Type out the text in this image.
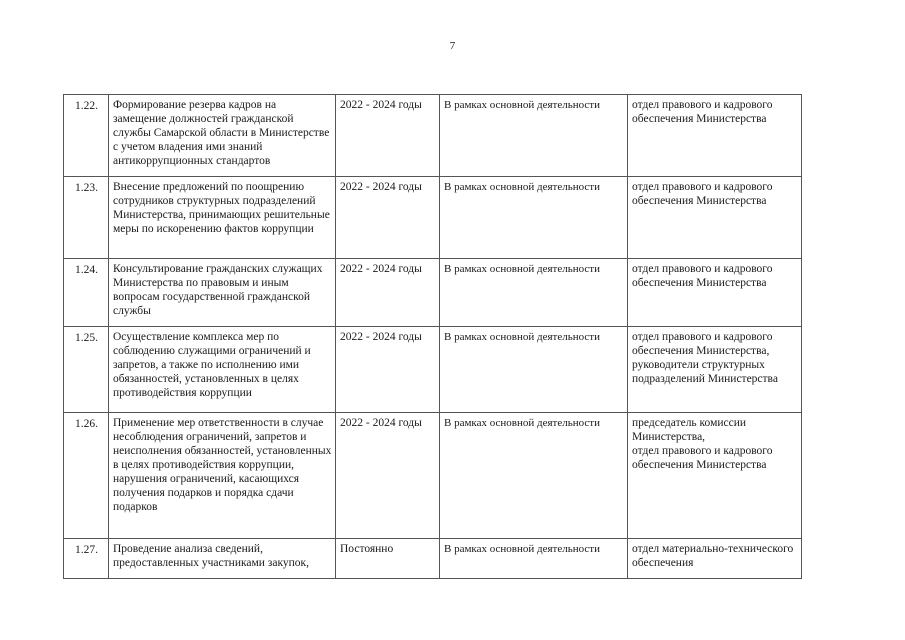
7
1.22.	Формирование резерва кадров на замещение должностей гражданской службы Самарской области в Министерстве с учетом владения ими знаний антикоррупционных стандартов	2022 - 2024 годы	В рамках основной деятельности	отдел правового и кадрового обеспечения Министерства

1.23.	Внесение предложений по поощрению сотрудников структурных подразделений Министерства, принимающих решительные меры по искоренению фактов коррупции	2022 - 2024 годы	В рамках основной деятельности	отдел правового и кадрового обеспечения Министерства

1.24.	Консультирование гражданских служащих Министерства по правовым и иным вопросам государственной гражданской службы	2022 - 2024 годы	В рамках основной деятельности	отдел правового и кадрового обеспечения Министерства

1.25.	Осуществление комплекса мер по соблюдению служащими ограничений и запретов, а также по исполнению ими обязанностей, установленных в целях противодействия коррупции	2022 - 2024 годы	В рамках основной деятельности	отдел правового и кадрового обеспечения Министерства, руководители структурных подразделений Министерства

1.26.	Применение мер ответственности в случае несоблюдения ограничений, запретов и неисполнения обязанностей, установленных в целях противодействия коррупции, нарушения ограничений, касающихся получения подарков и порядка сдачи подарков	2022 - 2024 годы	В рамках основной деятельности	председатель комиссии Министерства,
отдел правового и кадрового обеспечения Министерства

1.27.	Проведение анализа сведений, предоставленных участниками закупок,	Постоянно	В рамках основной деятельности	отдел материально-технического обеспечения
